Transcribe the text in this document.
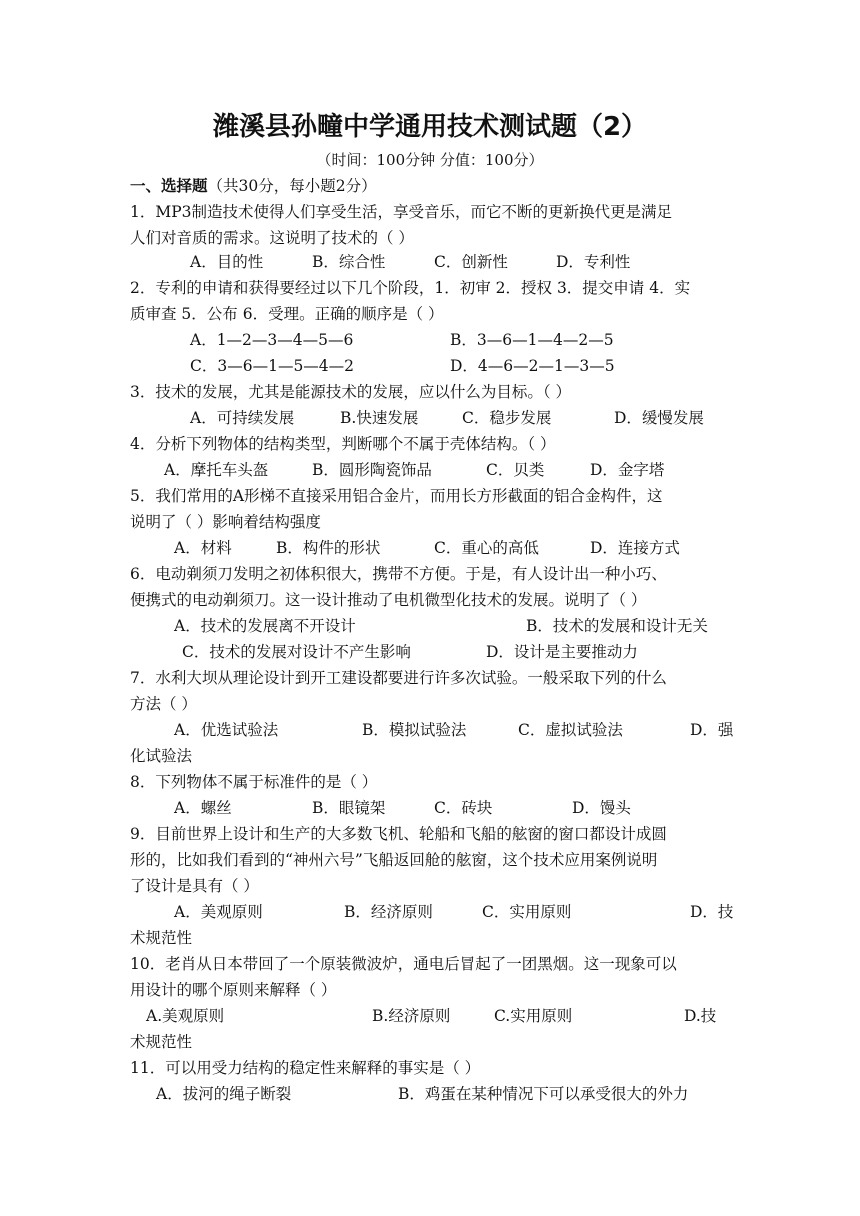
潍溪县孙疃中学通用技术测试题（2）
（时间：100分钟 分值：100分）
一、选择题（共30分，每小题2分）
1．MP3制造技术使得人们享受生活，享受音乐，而它不断的更新换代更是满足
人们对音质的需求。这说明了技术的（ ）
A．目的性	B．综合性	C．创新性	D．专利性
2．专利的申请和获得要经过以下几个阶段，1．初审 2．授权 3．提交申请 4．实
质审查 5．公布 6．受理。正确的顺序是（ ）
A．1—2—3—4—5—6	B．3—6—1—4—2—5
C．3—6—1—5—4—2	D．4—6—2—1—3—5
3．技术的发展，尤其是能源技术的发展，应以什么为目标。（ ）
A．可持续发展	B.快速发展	C．稳步发展	D．缓慢发展
4．分析下列物体的结构类型，判断哪个不属于壳体结构。（ ）
A．摩托车头盔	B．圆形陶瓷饰品	C．贝类	D．金字塔
5．我们常用的A形梯不直接采用铝合金片，而用长方形截面的铝合金构件，这
说明了（ ）影响着结构强度
A．材料	B．构件的形状	C．重心的高低	D．连接方式
6．电动剃须刀发明之初体积很大，携带不方便。于是，有人设计出一种小巧、
便携式的电动剃须刀。这一设计推动了电机微型化技术的发展。说明了（ ）
A．技术的发展离不开设计	B．技术的发展和设计无关
C．技术的发展对设计不产生影响	D．设计是主要推动力
7．水利大坝从理论设计到开工建设都要进行许多次试验。一般采取下列的什么
方法（ ）
A．优选试验法	B．模拟试验法	C．虚拟试验法	D．强
化试验法
8．下列物体不属于标准件的是（ ）
A．螺丝	B．眼镜架	C．砖块	D．馒头
9．目前世界上设计和生产的大多数飞机、轮船和飞船的舷窗的窗口都设计成圆
形的，比如我们看到的“神州六号”飞船返回舱的舷窗，这个技术应用案例说明
了设计是具有（ ）
A．美观原则	B．经济原则	C．实用原则	D．技
术规范性
10．老肖从日本带回了一个原装微波炉，通电后冒起了一团黑烟。这一现象可以
用设计的哪个原则来解释（ ）
A.美观原则	B.经济原则	C.实用原则	D.技
术规范性
11．可以用受力结构的稳定性来解释的事实是（ ）
A．拔河的绳子断裂	B．鸡蛋在某种情况下可以承受很大的外力
